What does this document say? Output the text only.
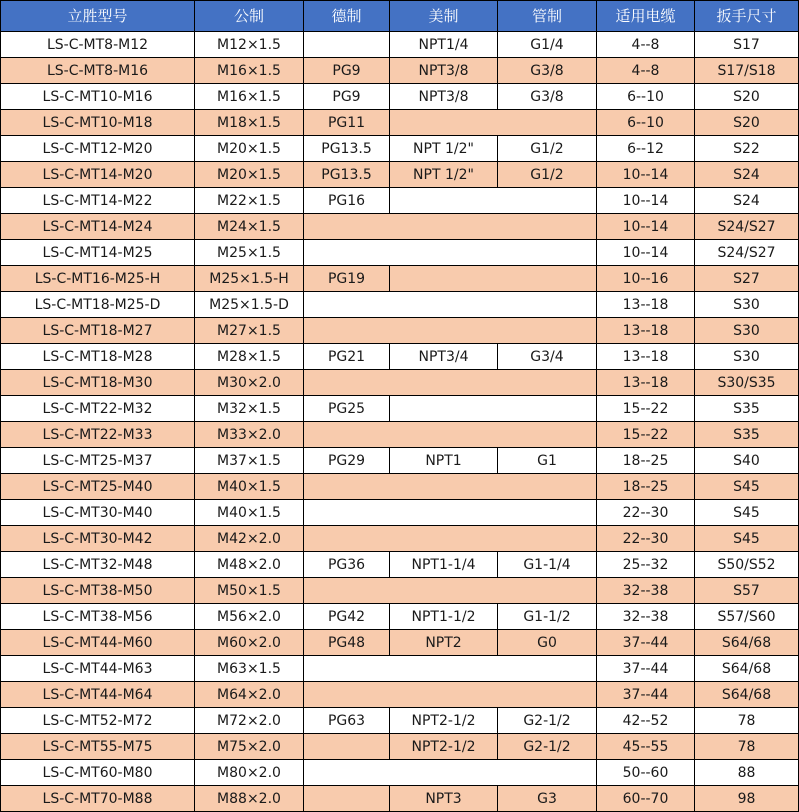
立胜型号	公制	德制	美制	管制	适用电缆	扳手尺寸
LS-C-MT8-M12	M12×1.5		NPT1/4	G1/4	4--8	S17
LS-C-MT8-M16	M16×1.5	PG9	NPT3/8	G3/8	4--8	S17/S18
LS-C-MT10-M16	M16×1.5	PG9	NPT3/8	G3/8	6--10	S20
LS-C-MT10-M18	M18×1.5	PG11			6--10	S20
LS-C-MT12-M20	M20×1.5	PG13.5	NPT 1/2"	G1/2	6--12	S22
LS-C-MT14-M20	M20×1.5	PG13.5	NPT 1/2"	G1/2	10--14	S24
LS-C-MT14-M22	M22×1.5	PG16			10--14	S24
LS-C-MT14-M24	M24×1.5				10--14	S24/S27
LS-C-MT14-M25	M25×1.5				10--14	S24/S27
LS-C-MT16-M25-H	M25×1.5-H	PG19			10--16	S27
LS-C-MT18-M25-D	M25×1.5-D				13--18	S30
LS-C-MT18-M27	M27×1.5				13--18	S30
LS-C-MT18-M28	M28×1.5	PG21	NPT3/4	G3/4	13--18	S30
LS-C-MT18-M30	M30×2.0				13--18	S30/S35
LS-C-MT22-M32	M32×1.5	PG25			15--22	S35
LS-C-MT22-M33	M33×2.0				15--22	S35
LS-C-MT25-M37	M37×1.5	PG29	NPT1	G1	18--25	S40
LS-C-MT25-M40	M40×1.5				18--25	S45
LS-C-MT30-M40	M40×1.5				22--30	S45
LS-C-MT30-M42	M42×2.0				22--30	S45
LS-C-MT32-M48	M48×2.0	PG36	NPT1-1/4	G1-1/4	25--32	S50/S52
LS-C-MT38-M50	M50×1.5				32--38	S57
LS-C-MT38-M56	M56×2.0	PG42	NPT1-1/2	G1-1/2	32--38	S57/S60
LS-C-MT44-M60	M60×2.0	PG48	NPT2	G0	37--44	S64/68
LS-C-MT44-M63	M63×1.5				37--44	S64/68
LS-C-MT44-M64	M64×2.0				37--44	S64/68
LS-C-MT52-M72	M72×2.0	PG63	NPT2-1/2	G2-1/2	42--52	78
LS-C-MT55-M75	M75×2.0		NPT2-1/2	G2-1/2	45--55	78
LS-C-MT60-M80	M80×2.0				50--60	88
LS-C-MT70-M88	M88×2.0		NPT3	G3	60--70	98
